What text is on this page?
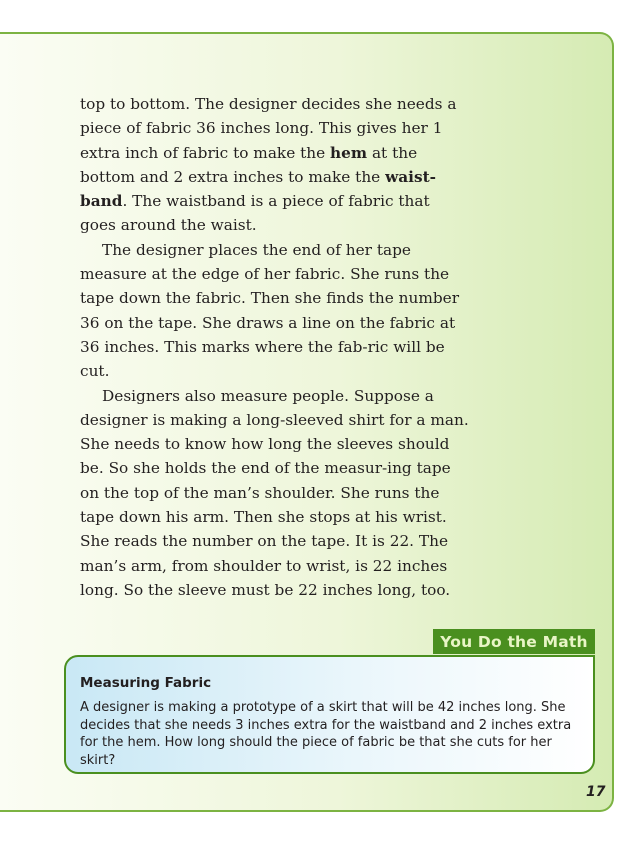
top to bottom. The designer decides she needs a piece of fabric 36 inches long. This gives her 1 extra inch of fabric to make the hem at the bottom and 2 extra inches to make the waist-band. The waistband is a piece of fabric that goes around the waist.

The designer places the end of her tape measure at the edge of her fabric. She runs the tape down the fabric. Then she finds the number 36 on the tape. She draws a line on the fabric at 36 inches. This marks where the fab-ric will be cut.

Designers also measure people. Suppose a designer is making a long-sleeved shirt for a man. She needs to know how long the sleeves should be. So she holds the end of the measur-ing tape on the top of the man’s shoulder. She runs the tape down his arm. Then she stops at his wrist. She reads the number on the tape. It is 22. The man’s arm, from shoulder to wrist, is 22 inches long. So the sleeve must be 22 inches long, too.

You Do the Math
Measuring Fabric

A designer is making a prototype of a skirt that will be 42 inches long. She decides that she needs 3 inches extra for the waistband and 2 inches extra for the hem. How long should the piece of fabric be that she cuts for her skirt?

17
